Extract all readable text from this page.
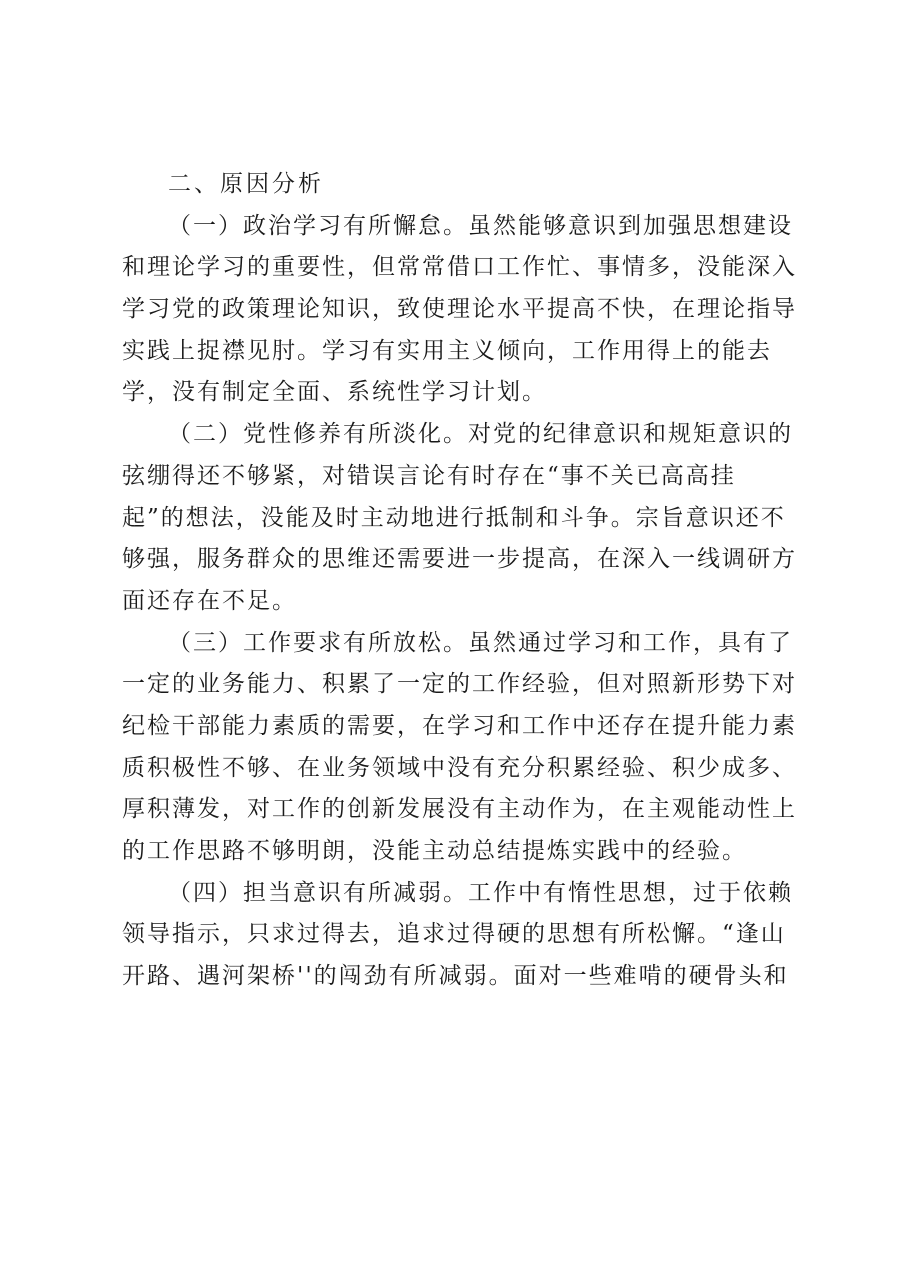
二、原因分析
（一）政治学习有所懈怠。虽然能够意识到加强思想建设
和理论学习的重要性，但常常借口工作忙、事情多，没能深入
学习党的政策理论知识，致使理论水平提高不快，在理论指导
实践上捉襟见肘。学习有实用主义倾向，工作用得上的能去
学，没有制定全面、系统性学习计划。
（二）党性修养有所淡化。对党的纪律意识和规矩意识的
弦绷得还不够紧，对错误言论有时存在“事不关已高高挂
起”的想法，没能及时主动地进行抵制和斗争。宗旨意识还不
够强，服务群众的思维还需要进一步提高，在深入一线调研方
面还存在不足。
（三）工作要求有所放松。虽然通过学习和工作，具有了
一定的业务能力、积累了一定的工作经验，但对照新形势下对
纪检干部能力素质的需要，在学习和工作中还存在提升能力素
质积极性不够、在业务领域中没有充分积累经验、积少成多、
厚积薄发，对工作的创新发展没有主动作为，在主观能动性上
的工作思路不够明朗，没能主动总结提炼实践中的经验。
（四）担当意识有所减弱。工作中有惰性思想，过于依赖
领导指示，只求过得去，追求过得硬的思想有所松懈。“逢山
开路、遇河架桥''的闯劲有所减弱。面对一些难啃的硬骨头和
